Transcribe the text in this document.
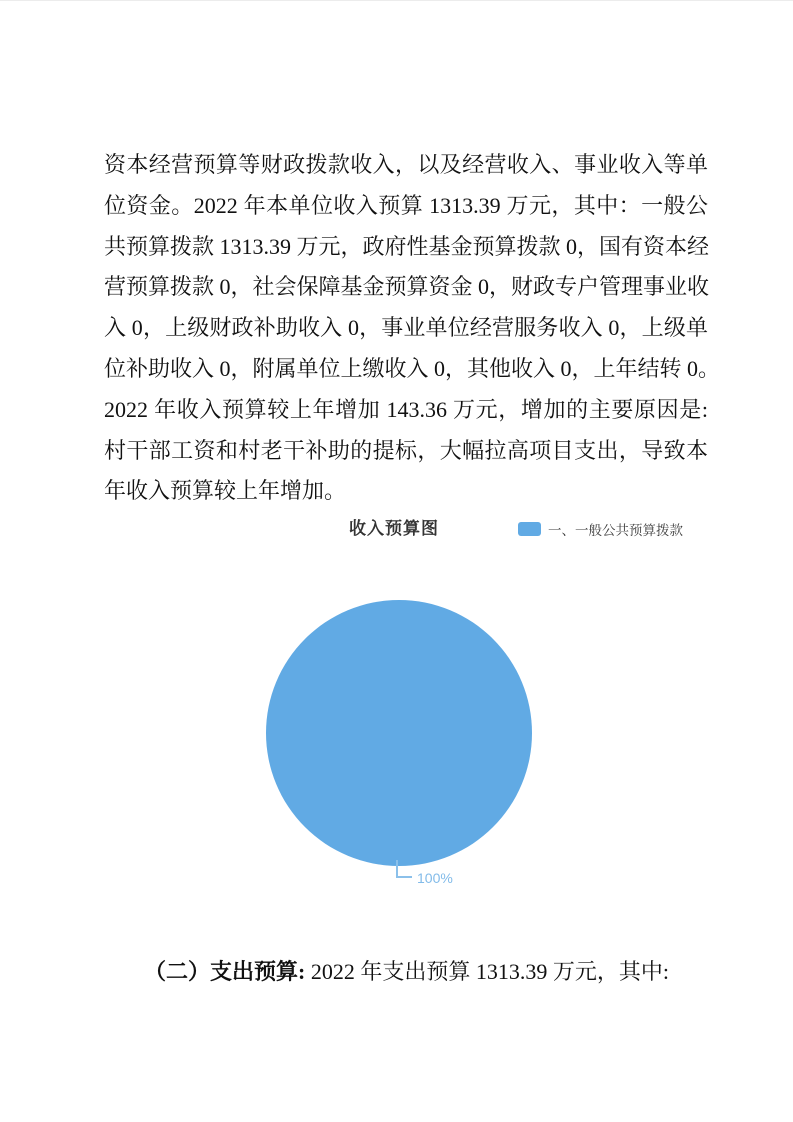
资本经营预算等财政拨款收入，以及经营收入、事业收入等单
位资金。2022 年本单位收入预算 1313.39 万元，其中：一般公
共预算拨款 1313.39 万元，政府性基金预算拨款 0，国有资本经
营预算拨款 0，社会保障基金预算资金 0，财政专户管理事业收
入 0，上级财政补助收入 0，事业单位经营服务收入 0，上级单
位补助收入 0，附属单位上缴收入 0，其他收入 0，上年结转 0。
2022 年收入预算较上年增加 143.36 万元，增加的主要原因是:
村干部工资和村老干补助的提标，大幅拉高项目支出，导致本
年收入预算较上年增加。
收入预算图	一、一般公共预算拨款
100%
（二）支出预算: 2022 年支出预算 1313.39 万元，其中:
